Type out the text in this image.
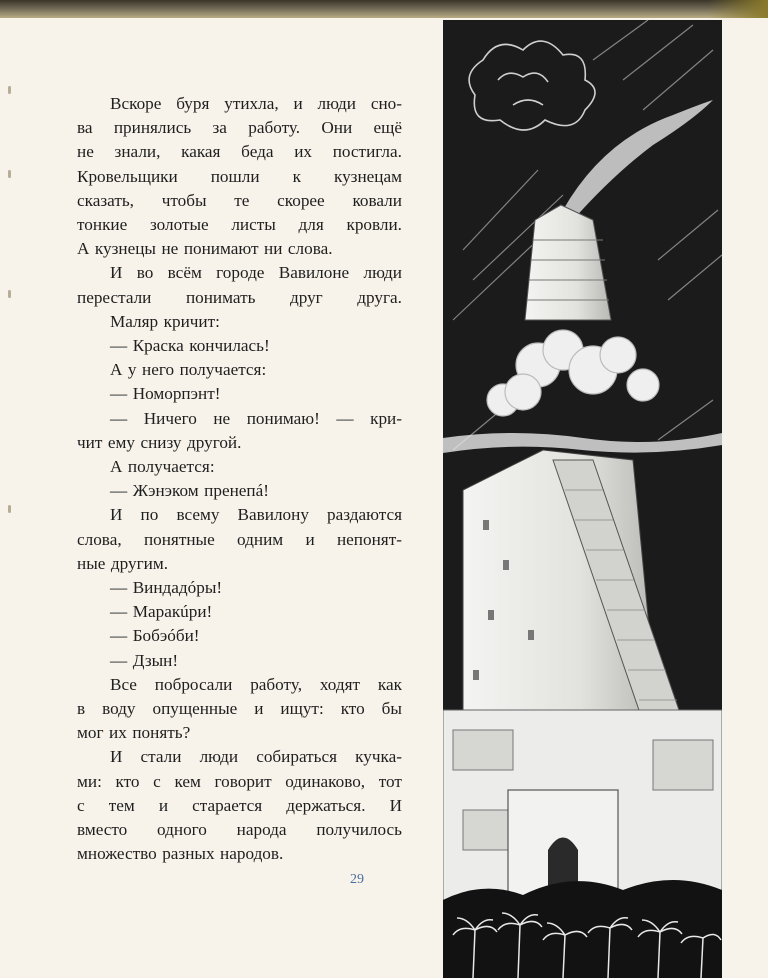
Вскоре буря утихла, и люди сно-
ва принялись за работу. Они ещё
не знали, какая беда их постигла.
Кровельщики пошли к кузнецам
сказать, чтобы те скорее ковали
тонкие золотые листы для кровли.
А кузнецы не понимают ни слова.
И во всём городе Вавилоне люди
перестали понимать друг друга.
Маляр кричит:
— Краска кончилась!
А у него получается:
— Номорпэнт!
— Ничего не понимаю! — кри-
чит ему снизу другой.
А получается:
— Жэнэком пренепá!
И по всему Вавилону раздаются
слова, понятные одним и непонят-
ные другим.
— Виндадóры!
— Маракúри!
— Бобэóби!
— Дзын!
Все побросали работу, ходят как
в воду опущенные и ищут: кто бы
мог их понять?
И стали люди собираться кучка-
ми: кто с кем говорит одинаково, тот
с тем и старается держаться. И
вместо одного народа получилось
множество разных народов.
29
